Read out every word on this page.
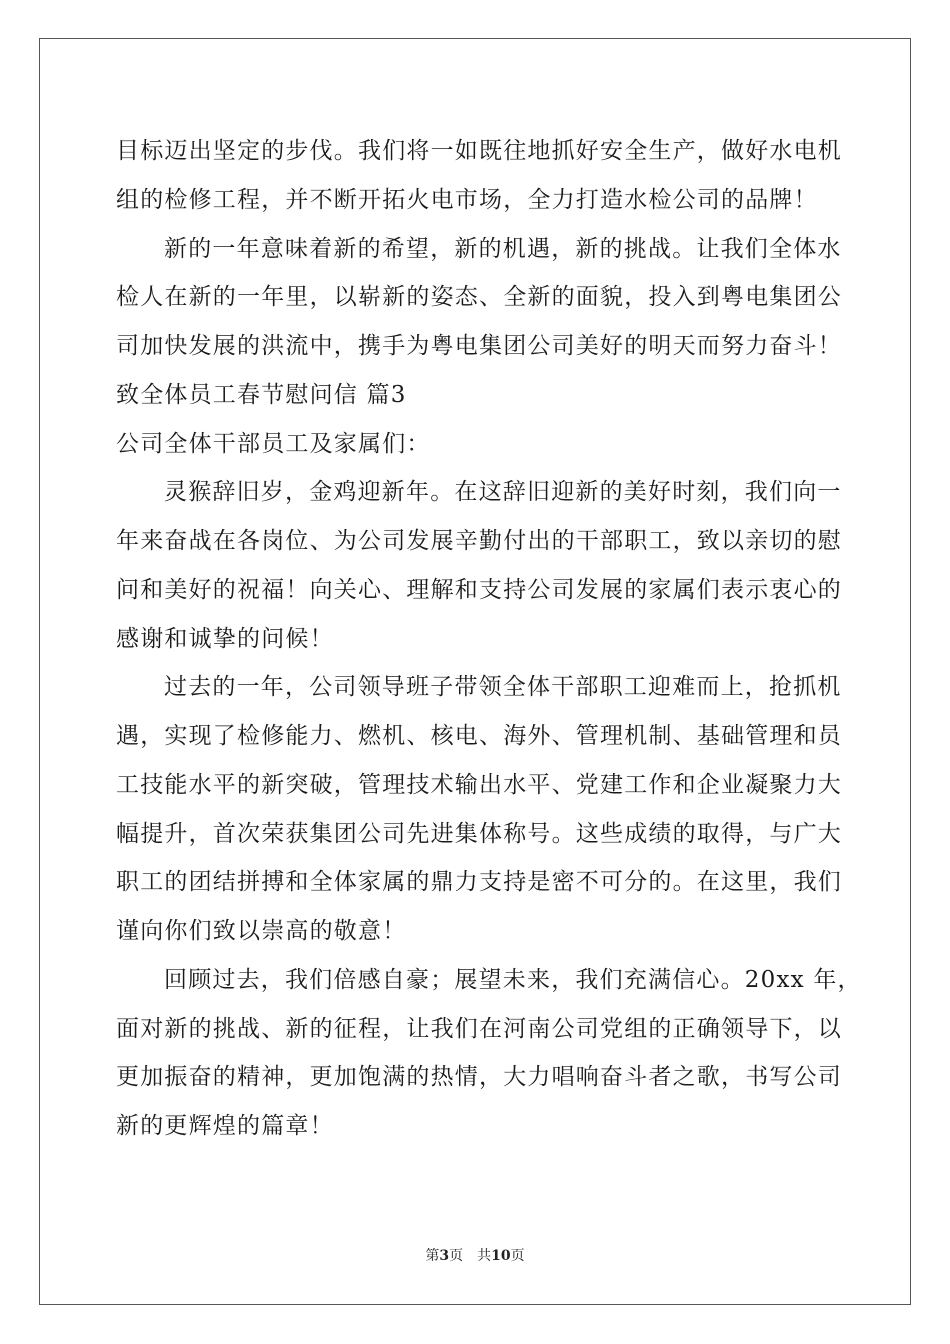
目标迈出坚定的步伐。我们将一如既往地抓好安全生产，做好水电机
组的检修工程，并不断开拓火电市场，全力打造水检公司的品牌！
新的一年意味着新的希望，新的机遇，新的挑战。让我们全体水
检人在新的一年里，以崭新的姿态、全新的面貌，投入到粤电集团公
司加快发展的洪流中，携手为粤电集团公司美好的明天而努力奋斗！
致全体员工春节慰问信 篇3
公司全体干部员工及家属们：
灵猴辞旧岁，金鸡迎新年。在这辞旧迎新的美好时刻，我们向一
年来奋战在各岗位、为公司发展辛勤付出的干部职工，致以亲切的慰
问和美好的祝福！向关心、理解和支持公司发展的家属们表示衷心的
感谢和诚挚的问候！
过去的一年，公司领导班子带领全体干部职工迎难而上，抢抓机
遇，实现了检修能力、燃机、核电、海外、管理机制、基础管理和员
工技能水平的新突破，管理技术输出水平、党建工作和企业凝聚力大
幅提升，首次荣获集团公司先进集体称号。这些成绩的取得，与广大
职工的团结拼搏和全体家属的鼎力支持是密不可分的。在这里，我们
谨向你们致以崇高的敬意！
回顾过去，我们倍感自豪；展望未来，我们充满信心。20xx 年，
面对新的挑战、新的征程，让我们在河南公司党组的正确领导下，以
更加振奋的精神，更加饱满的热情，大力唱响奋斗者之歌，书写公司
新的更辉煌的篇章！
第3页 共10页
